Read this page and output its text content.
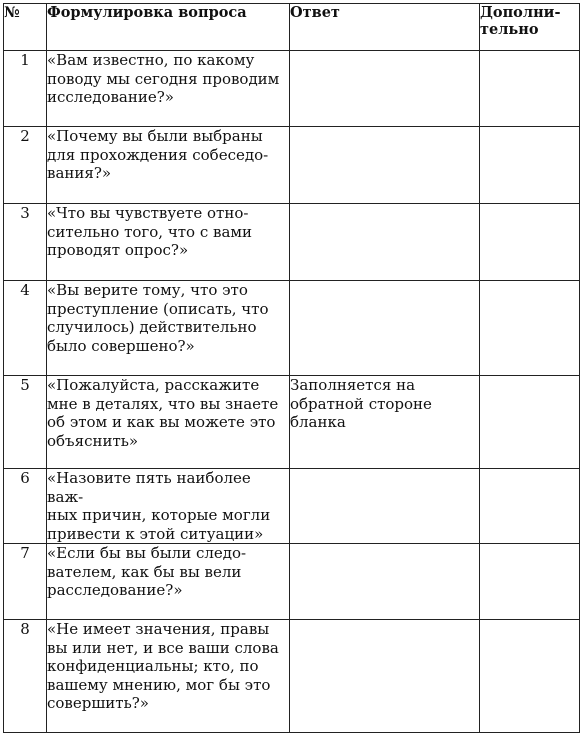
№	Формулировка вопроса	Ответ	Дополни-
тельно
1	«Вам известно, по какому
поводу мы сегодня проводим
исследование?»		
2	«Почему вы были выбраны
для прохождения собеседо-
вания?»		
3	«Что вы чувствуете отно-
сительно того, что с вами
проводят опрос?»		
4	«Вы верите тому, что это
преступление (описать, что
случилось) действительно
было совершено?»		
5	«Пожалуйста, расскажите
мне в деталях, что вы знаете
об этом и как вы можете это
объяснить»	Заполняется на
обратной стороне
бланка	
6	«Назовите пять наиболее важ-
ных причин, которые могли
привести к этой ситуации»		
7	«Если бы вы были следо-
вателем, как бы вы вели
расследование?»		
8	«Не имеет значения, правы
вы или нет, и все ваши слова
конфиденциальны; кто, по
вашему мнению, мог бы это
совершить?»		
